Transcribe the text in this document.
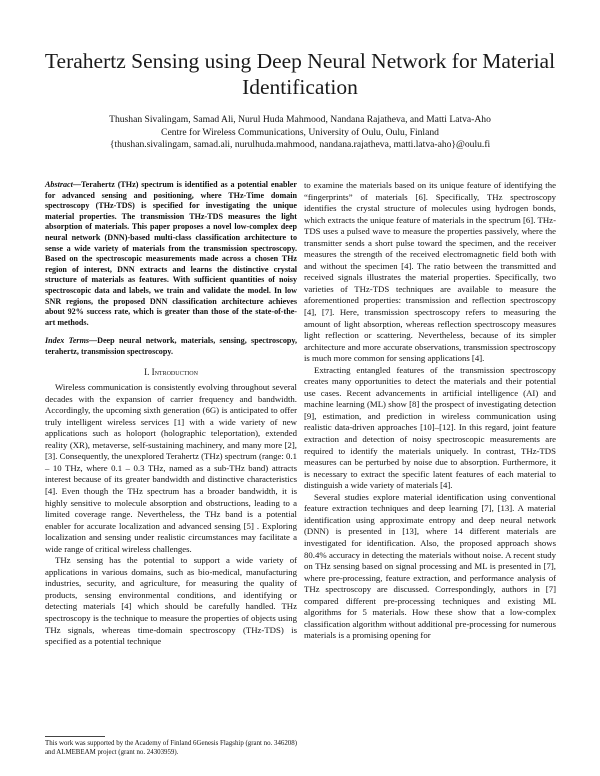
Terahertz Sensing using Deep Neural Network for Material Identification
Thushan Sivalingam, Samad Ali, Nurul Huda Mahmood, Nandana Rajatheva, and Matti Latva-Aho
Centre for Wireless Communications, University of Oulu, Oulu, Finland
{thushan.sivalingam, samad.ali, nurulhuda.mahmood, nandana.rajatheva, matti.latva-aho}@oulu.fi
Abstract—Terahertz (THz) spectrum is identified as a potential enabler for advanced sensing and positioning, where THz-Time domain spectroscopy (THz-TDS) is specified for investigating the unique material properties. The transmission THz-TDS measures the light absorption of materials. This paper proposes a novel low-complex deep neural network (DNN)-based multi-class classification architecture to sense a wide variety of materials from the transmission spectroscopy. Based on the spectroscopic measurements made across a chosen THz region of interest, DNN extracts and learns the distinctive crystal structure of materials as features. With sufficient quantities of noisy spectroscopic data and labels, we train and validate the model. In low SNR regions, the proposed DNN classification architecture achieves about 92% success rate, which is greater than those of the state-of-the-art methods.
Index Terms—Deep neural network, materials, sensing, spectroscopy, terahertz, transmission spectroscopy.
I. Introduction

Wireless communication is consistently evolving throughout several decades with the expansion of carrier frequency and bandwidth. Accordingly, the upcoming sixth generation (6G) is anticipated to offer truly intelligent wireless services [1] with a wide variety of new applications such as holoport (holographic teleportation), extended reality (XR), metaverse, self-sustaining machinery, and many more [2], [3]. Consequently, the unexplored Terahertz (THz) spectrum (range: 0.1 – 10 THz, where 0.1 – 0.3 THz, named as a sub-THz band) attracts interest because of its greater bandwidth and distinctive characteristics [4]. Even though the THz spectrum has a broader bandwidth, it is highly sensitive to molecule absorption and obstructions, leading to a limited coverage range. Nevertheless, the THz band is a potential enabler for accurate localization and advanced sensing [5] . Exploring localization and sensing under realistic circumstances may facilitate a wide range of critical wireless challenges.

THz sensing has the potential to support a wide variety of applications in various domains, such as bio-medical, manufacturing industries, security, and agriculture, for measuring the quality of products, sensing environmental conditions, and identifying or detecting materials [4] which should be carefully handled. THz spectroscopy is the technique to measure the properties of objects using THz signals, whereas time-domain spectroscopy (THz-TDS) is specified as a potential technique

to examine the materials based on its unique feature of identifying the “fingerprints” of materials [6]. Specifically, THz spectroscopy identifies the crystal structure of molecules using hydrogen bonds, which extracts the unique feature of materials in the spectrum [6]. THz-TDS uses a pulsed wave to measure the properties passively, where the transmitter sends a short pulse toward the specimen, and the receiver measures the strength of the received electromagnetic field both with and without the specimen [4]. The ratio between the transmitted and received signals illustrates the material properties. Specifically, two varieties of THz-TDS techniques are available to measure the aforementioned properties: transmission and reflection spectroscopy [4], [7]. Here, transmission spectroscopy refers to measuring the amount of light absorption, whereas reflection spectroscopy measures light reflection or scattering. Nevertheless, because of its simpler architecture and more accurate observations, transmission spectroscopy is much more common for sensing applications [4].

Extracting entangled features of the transmission spectroscopy creates many opportunities to detect the materials and their potential use cases. Recent advancements in artificial intelligence (AI) and machine learning (ML) show [8] the prospect of investigating detection [9], estimation, and prediction in wireless communication using realistic data-driven approaches [10]–[12]. In this regard, joint feature extraction and detection of noisy spectroscopic measurements are required to identify the materials uniquely. In contrast, THz-TDS measures can be perturbed by noise due to absorption. Furthermore, it is necessary to extract the specific latent features of each material to distinguish a wide variety of materials [4].

Several studies explore material identification using conventional feature extraction techniques and deep learning [7], [13]. A material identification using approximate entropy and deep neural network (DNN) is presented in [13], where 14 different materials are investigated for identification. Also, the proposed approach shows 80.4% accuracy in detecting the materials without noise. A recent study on THz sensing based on signal processing and ML is presented in [7], where pre-processing, feature extraction, and performance analysis of THz spectroscopy are discussed. Correspondingly, authors in [7] compared different pre-processing techniques and existing ML algorithms for 5 materials. How these show that a low-complex classification algorithm without additional pre-processing for numerous materials is a promising opening for

This work was supported by the Academy of Finland 6Genesis Flagship (grant no. 346208) and ALMEBEAM project (grant no. 24303959).
